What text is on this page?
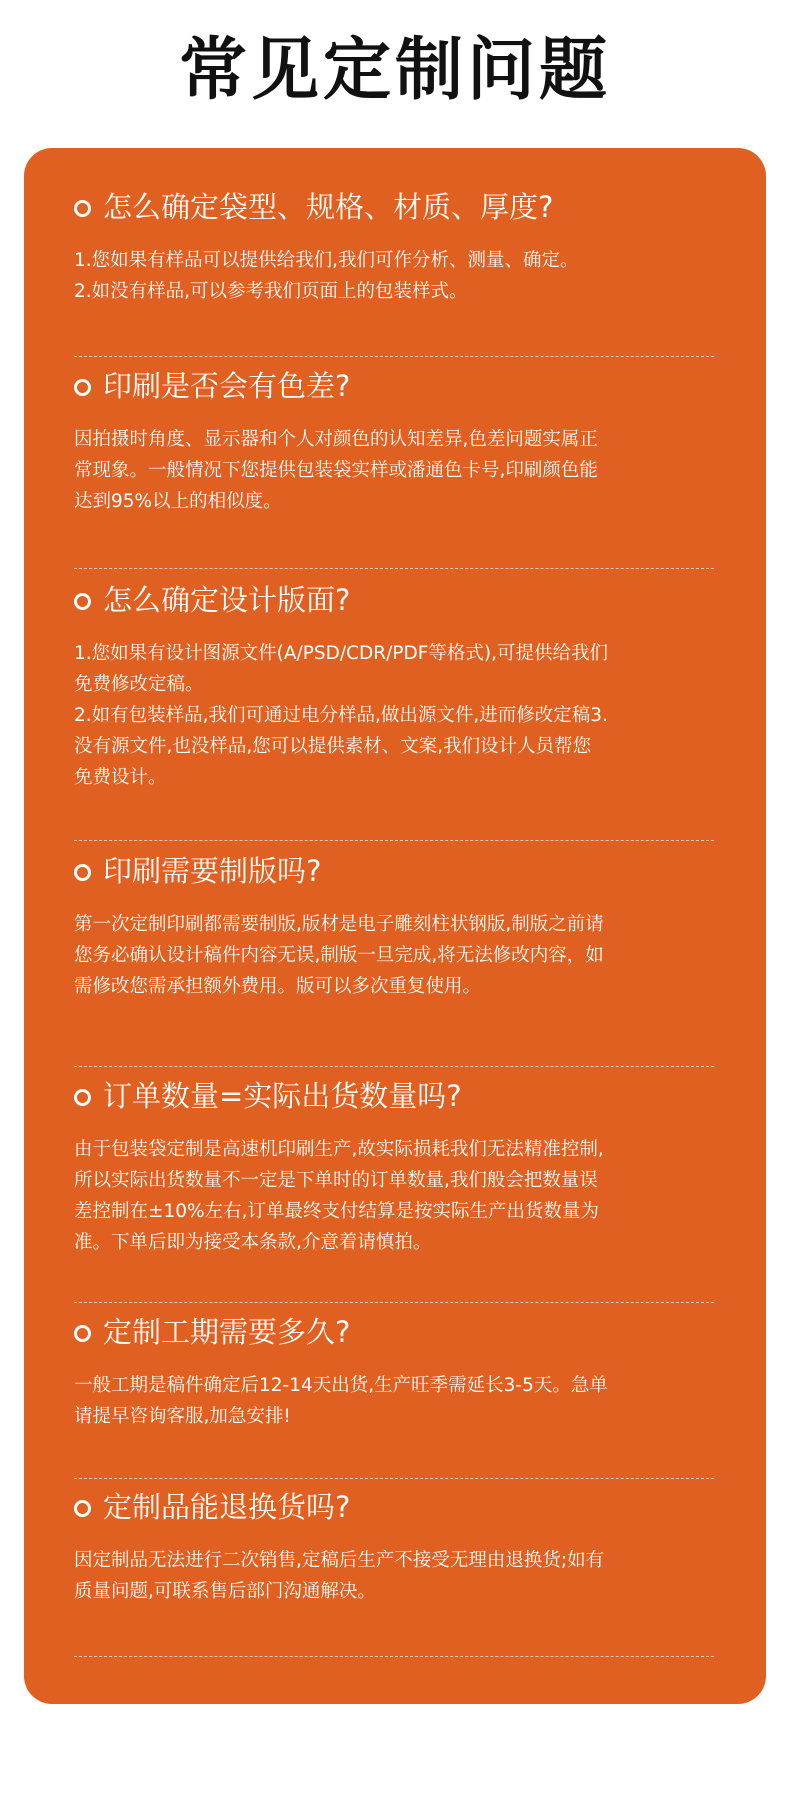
常见定制问题
怎么确定袋型、规格、材质、厚度?
1.您如果有样品可以提供给我们,我们可作分析、测量、确定。
2.如没有样品,可以参考我们页面上的包装样式。
印刷是否会有色差?
因拍摄时角度、显示器和个人对颜色的认知差异,色差问题实属正
常现象。一般情况下您提供包装袋实样或潘通色卡号,印刷颜色能
达到95%以上的相似度。
怎么确定设计版面?
1.您如果有设计图源文件(A/PSD/CDR/PDF等格式),可提供给我们
免费修改定稿。
2.如有包装样品,我们可通过电分样品,做出源文件,进而修改定稿3.
没有源文件,也没样品,您可以提供素材、文案,我们设计人员帮您
免费设计。
印刷需要制版吗?
第一次定制印刷都需要制版,版材是电子雕刻柱状钢版,制版之前请
您务必确认设计稿件内容无误,制版一旦完成,将无法修改内容，如
需修改您需承担额外费用。版可以多次重复使用。
订单数量=实际出货数量吗?
由于包装袋定制是高速机印刷生产,故实际损耗我们无法精准控制,
所以实际出货数量不一定是下单时的订单数量,我们般会把数量误
差控制在±10%左右,订单最终支付结算是按实际生产出货数量为
准。下单后即为接受本条款,介意着请慎拍。
定制工期需要多久?
一般工期是稿件确定后12-14天出货,生产旺季需延长3-5天。急单
请提早咨询客服,加急安排!
定制品能退换货吗?
因定制品无法进行二次销售,定稿后生产不接受无理由退换货;如有
质量问题,可联系售后部门沟通解决。
